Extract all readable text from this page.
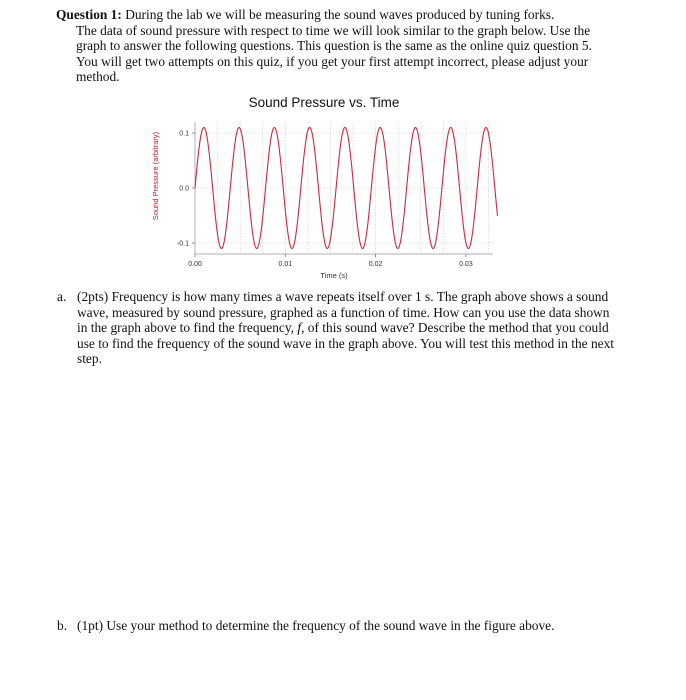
Question 1: During the lab we will be measuring the sound waves produced by tuning forks.
The data of sound pressure with respect to time we will look similar to the graph below. Use the graph to answer the following questions. This question is the same as the online quiz question 5. You will get two attempts on this quiz, if you get your first attempt incorrect, please adjust your method.
Sound Pressure vs. Time
0.1
0.0
-0.1
0.00	0.01	0.02	0.03
Time (s)
Sound Pressure (arbitrary)
a. (2pts) Frequency is how many times a wave repeats itself over 1 s. The graph above shows a sound wave, measured by sound pressure, graphed as a function of time. How can you use the data shown in the graph above to find the frequency, f, of this sound wave? Describe the method that you could use to find the frequency of the sound wave in the graph above. You will test this method in the next step.
b. (1pt) Use your method to determine the frequency of the sound wave in the figure above.
